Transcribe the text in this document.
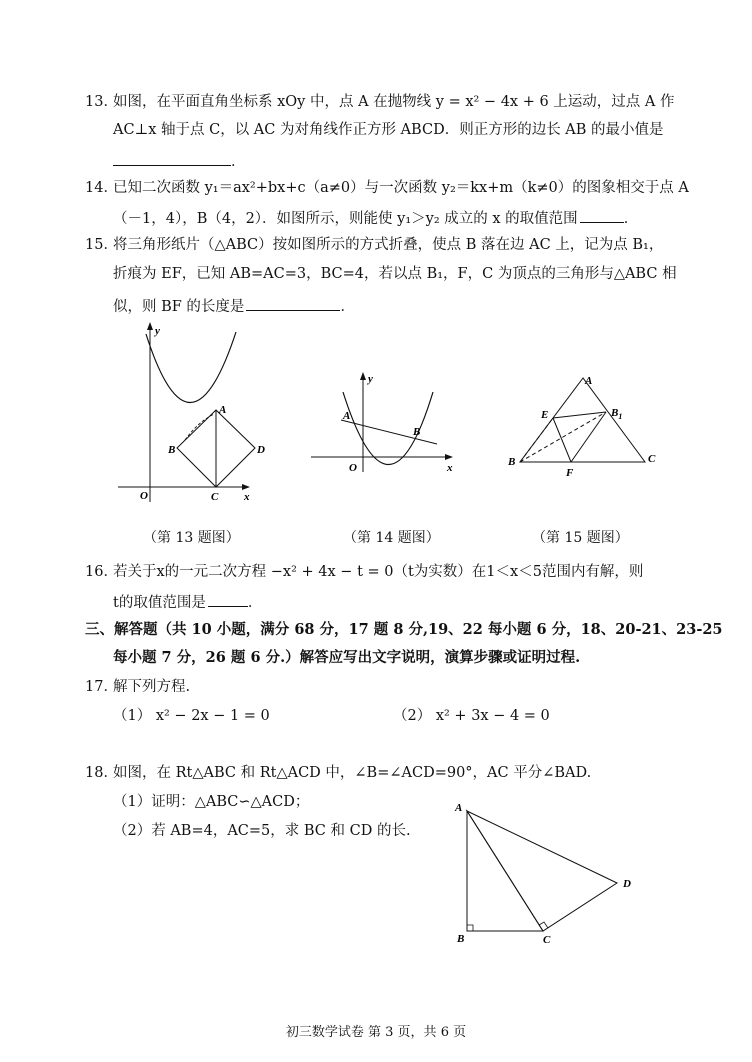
13．
如图，在平面直角坐标系 xOy 中，点 A 在抛物线 y = x² − 4x + 6 上运动，过点 A 作
AC⊥x 轴于点 C，以 AC 为对角线作正方形 ABCD．则正方形的边长 AB 的最小值是
．
14．
已知二次函数 y₁＝ax²+bx+c（a≠0）与一次函数 y₂＝kx+m（k≠0）的图象相交于点 A
（－1，4），B（4，2）．如图所示，则能使 y₁＞y₂ 成立的 x 的取值范围	．
15．
将三角形纸片（△ABC）按如图所示的方式折叠，使点 B 落在边 AC 上，记为点 B₁，
折痕为 EF，已知 AB=AC=3，BC=4，若以点 B₁，F，C 为顶点的三角形与△ABC 相
似，则 BF 的长度是	．
y
x
O
A
B
C
D
y
x
O
A
B
A
E	$B_1$
B
F
C
（第 13 题图）	（第 14 题图）	（第 15 题图）
16．
若关于x的一元二次方程 −x² + 4x − t = 0（t为实数）在1＜x＜5范围内有解，则
t的取值范围是	．
三、解答题（共 10 小题，满分 68 分，17 题 8 分,19、22 每小题 6 分，18、20-21、23-25
每小题 7 分，26 题 6 分.）解答应写出文字说明，演算步骤或证明过程.
17．
解下列方程.
（1） x² − 2x − 1 = 0	（2） x² + 3x − 4 = 0
18．
如图，在 Rt△ABC 和 Rt△ACD 中，∠B=∠ACD=90°，AC 平分∠BAD.
（1）证明：△ABC∽△ACD；
（2）若 AB=4，AC=5，求 BC 和 CD 的长.
A
B	C
D
初三数学试卷 第 3 页，共 6 页
